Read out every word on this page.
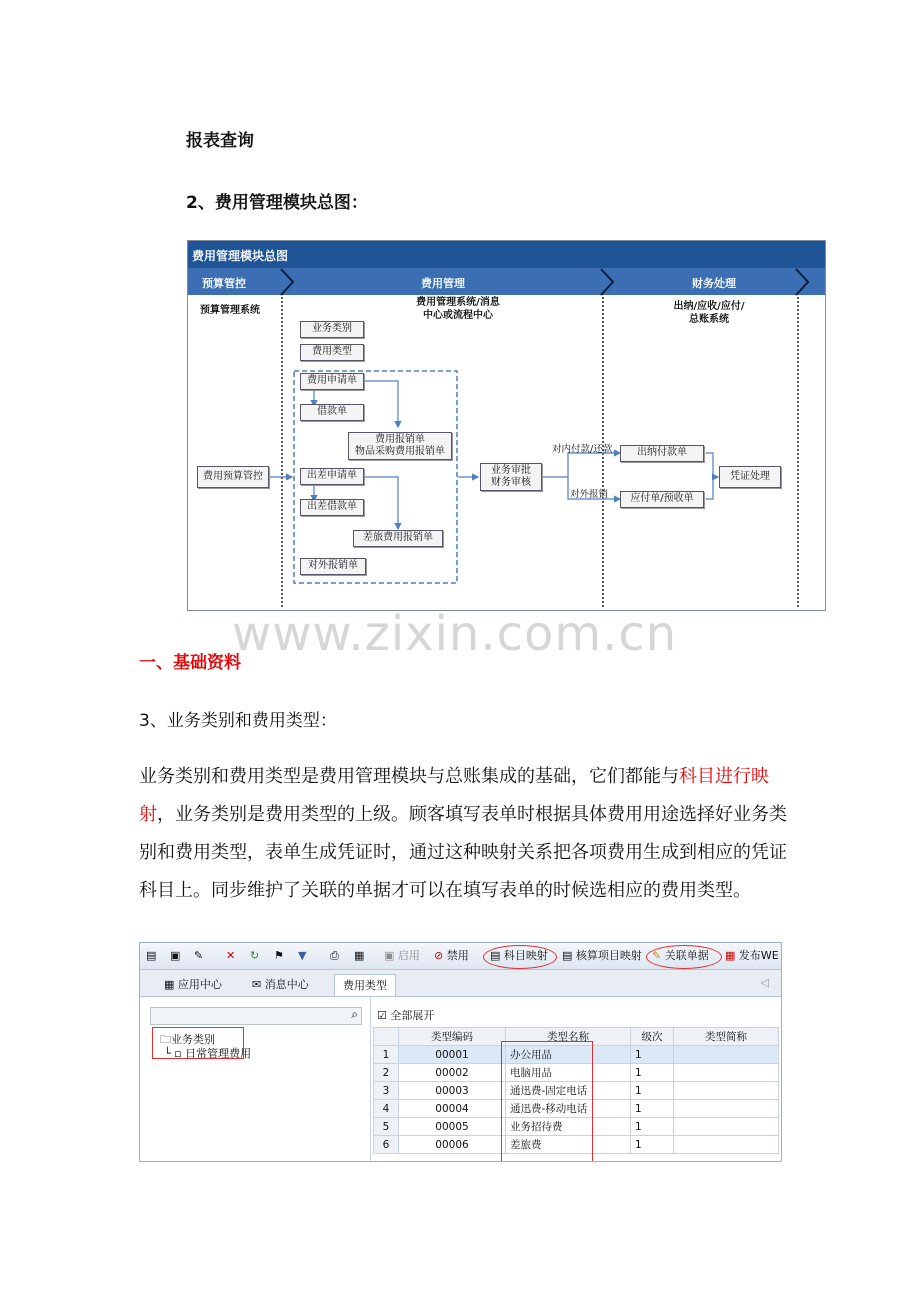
报表查询
2、费用管理模块总图：
费用管理模块总图
预算管控	费用管理	财务处理
预算管理系统
费用管理系统/消息
中心或流程中心
出纳/应收/应付/
总账系统
业务类别
费用类型
费用申请单
借款单
费用报销单
物品采购费用报销单
费用预算管控	出差申请单
出差借款单
差旅费用报销单
对外报销单
业务审批
财务审核
出纳付款单
应付单/预收单
凭证处理
对内付款/还款
对外报销
www.zixin.com.cn
一、基础资料
3、业务类别和费用类型：

业务类别和费用类型是费用管理模块与总账集成的基础，它们都能与科目进行映射，业务类别是费用类型的上级。顾客填写表单时根据具体费用用途选择好业务类别和费用类型，表单生成凭证时，通过这种映射关系把各项费用生成到相应的凭证科目上。同步维护了关联的单据才可以在填写表单的时候选相应的费用类型。

▤ ▣ ✎ ✕ ↻ ⚑ ▼ ⎙ ▦ ▣ 启用 ⊘ 禁用 ▤ 科目映射 ▤ 核算项目映射 ✎ 关联单据 ▦ 发布WE
▦ 应用中心	✉ 消息中心	费用类型	◁
⌕
🗀业务类别
└ ▫ 日常管理费用
☑ 全部展开
	类型编码	类型名称	级次	类型简称
1	00001	办公用品	1	
2	00002	电脑用品	1	
3	00003	通迅费-固定电话	1	
4	00004	通迅费-移动电话	1	
5	00005	业务招待费	1	
6	00006	差旅费	1	
